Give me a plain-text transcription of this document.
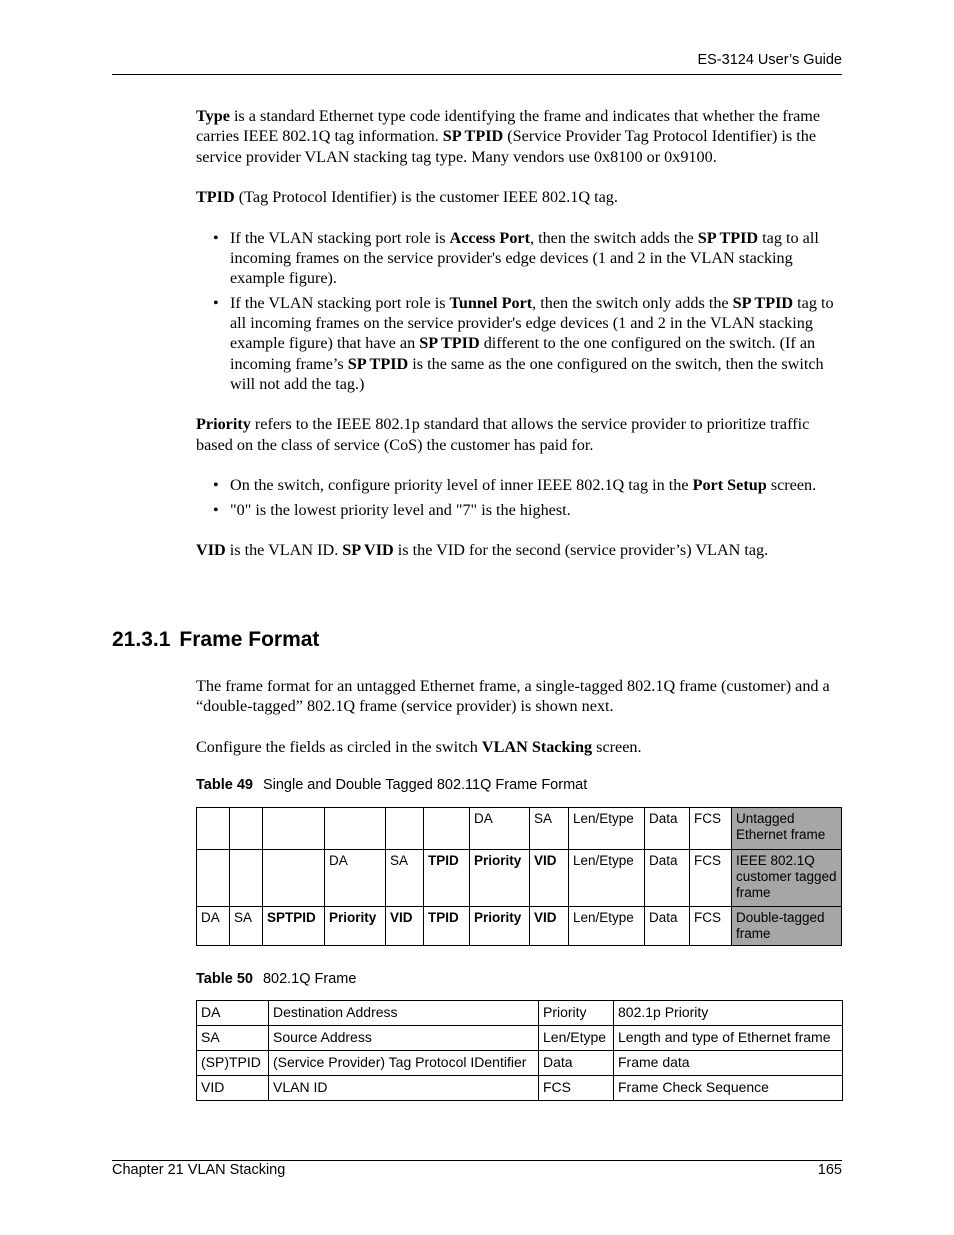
ES-3124 User’s Guide

Type is a standard Ethernet type code identifying the frame and indicates that whether the frame carries IEEE 802.1Q tag information. SP TPID (Service Provider Tag Protocol Identifier) is the service provider VLAN stacking tag type. Many vendors use 0x8100 or 0x9100.

TPID (Tag Protocol Identifier) is the customer IEEE 802.1Q tag.

• If the VLAN stacking port role is Access Port, then the switch adds the SP TPID tag to all incoming frames on the service provider's edge devices (1 and 2 in the VLAN stacking example figure).
• If the VLAN stacking port role is Tunnel Port, then the switch only adds the SP TPID tag to all incoming frames on the service provider's edge devices (1 and 2 in the VLAN stacking example figure) that have an SP TPID different to the one configured on the switch. (If an incoming frame’s SP TPID is the same as the one configured on the switch, then the switch will not add the tag.)

Priority refers to the IEEE 802.1p standard that allows the service provider to prioritize traffic based on the class of service (CoS) the customer has paid for.

• On the switch, configure priority level of inner IEEE 802.1Q tag in the Port Setup screen.
• "0" is the lowest priority level and "7" is the highest.

VID is the VLAN ID. SP VID is the VID for the second (service provider’s) VLAN tag.

21.3.1 Frame Format

The frame format for an untagged Ethernet frame, a single-tagged 802.1Q frame (customer) and a “double-tagged” 802.1Q frame (service provider) is shown next.

Configure the fields as circled in the switch VLAN Stacking screen.

Table 49 Single and Double Tagged 802.11Q Frame Format
						DA	SA	Len/Etype	Data	FCS	Untagged Ethernet frame
			DA	SA	TPID	Priority	VID	Len/Etype	Data	FCS	IEEE 802.1Q customer tagged frame
DA	SA	SPTPID	Priority	VID	TPID	Priority	VID	Len/Etype	Data	FCS	Double-tagged frame
Table 50 802.1Q Frame
DA	Destination Address	Priority	802.1p Priority
SA	Source Address	Len/Etype	Length and type of Ethernet frame
(SP)TPID	(Service Provider) Tag Protocol IDentifier	Data	Frame data
VID	VLAN ID	FCS	Frame Check Sequence
Chapter 21 VLAN Stacking	165
